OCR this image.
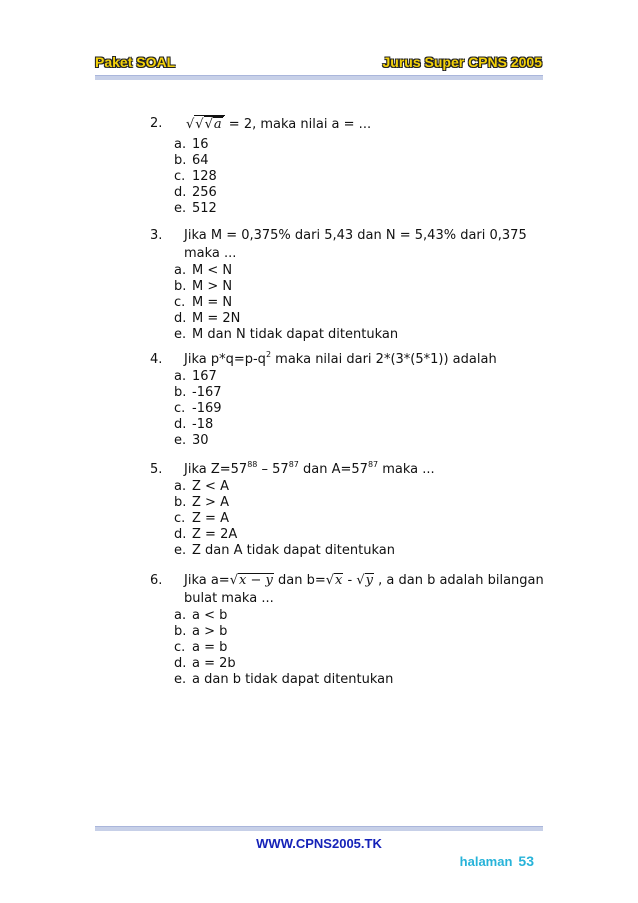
Paket SOAL	Jurus Super CPNS 2005
2. √√√a = 2, maka nilai a = ...
a. 16
b. 64
c. 128
d. 256
e. 512
3. Jika M = 0,375% dari 5,43 dan N = 5,43% dari 0,375
maka ...
a. M < N
b. M > N
c. M = N
d. M = 2N
e. M dan N tidak dapat ditentukan
4. Jika $p*q=p-q^2$ maka nilai dari 2*(3*(5*1)) adalah
a. 167
b. -167
c. -169
d. -18
e. 30
5. Jika $Z=57^{88} - 57^{87}$ dan $A=57^{87}$ maka ...
a. Z < A
b. Z > A
c. Z = A
d. Z = 2A
e. Z dan A tidak dapat ditentukan
6. Jika a=√x − y dan b=√x - √y , a dan b adalah bilangan
bulat maka ...
a. a < b
b. a > b
c. a = b
d. a = 2b
e. a dan b tidak dapat ditentukan
WWW.CPNS2005.TK
halaman 53
